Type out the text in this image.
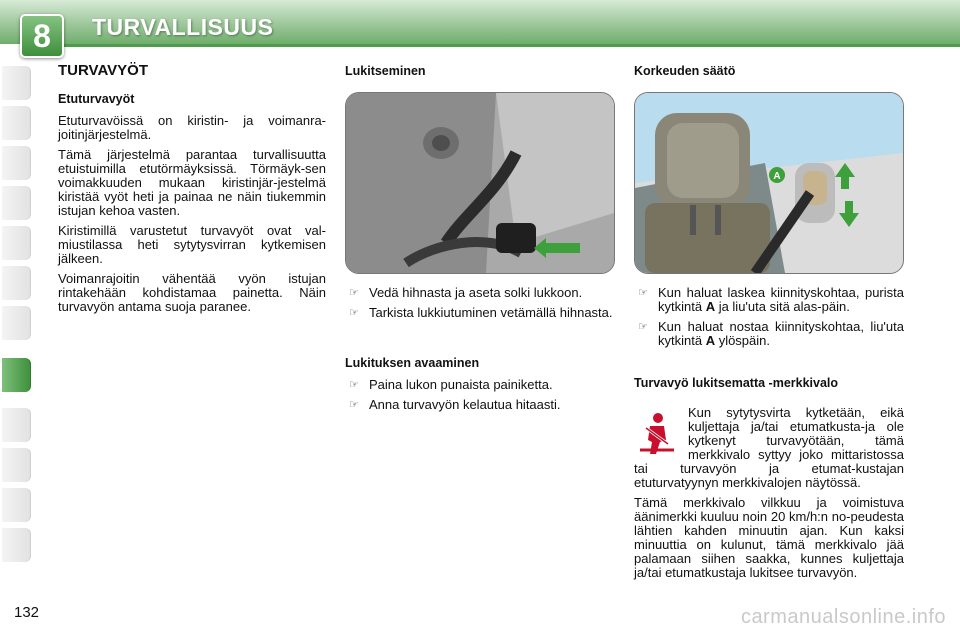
8	TURVALLISUUS
TURVAVYÖT
Etuturvavyöt

Etuturvavöissä on kiristin- ja voimanra-joitinjärjestelmä.

Tämä järjestelmä parantaa turvallisuutta etuistuimilla etutörmäyksissä. Törmäyk-sen voimakkuuden mukaan kiristinjär-jestelmä kiristää vyöt heti ja painaa ne näin tiukemmin istujan kehoa vasten.

Kiristimillä varustetut turvavyöt ovat val-miustilassa heti sytytysvirran kytkemisen jälkeen.

Voimanrajoitin vähentää vyön istujan rintakehään kohdistamaa painetta. Näin turvavyön antama suoja paranee.

Lukitseminen
☞ Vedä hihnasta ja aseta solki lukkoon.
☞ Tarkista lukkiutuminen vetämällä hihnasta.
Lukituksen avaaminen
☞ Paina lukon punaista painiketta.
☞ Anna turvavyön kelautua hitaasti.
Korkeuden säätö
A
☞ Kun haluat laskea kiinnityskohtaa, purista kytkintä A ja liu'uta sitä alas-päin.
☞ Kun haluat nostaa kiinnityskohtaa, liu'uta kytkintä A ylöspäin.
Turvavyö lukitsematta -merkkivalo

Kun sytytysvirta kytketään, eikä kuljettaja ja/tai etumatkusta-ja ole kytkenyt turvavyötään, tämä merkkivalo syttyy joko mittaristossa tai turvavyön ja etumat-kustajan etuturvatyynyn merkkivalojen näytössä.

Tämä merkkivalo vilkkuu ja voimistuva äänimerkki kuuluu noin 20 km/h:n no-peudesta lähtien kahden minuutin ajan. Kun kaksi minuuttia on kulunut, tämä merkkivalo jää palamaan siihen saakka, kunnes kuljettaja ja/tai etumatkustaja lukitsee turvavyön.

132	carmanualsonline.info
